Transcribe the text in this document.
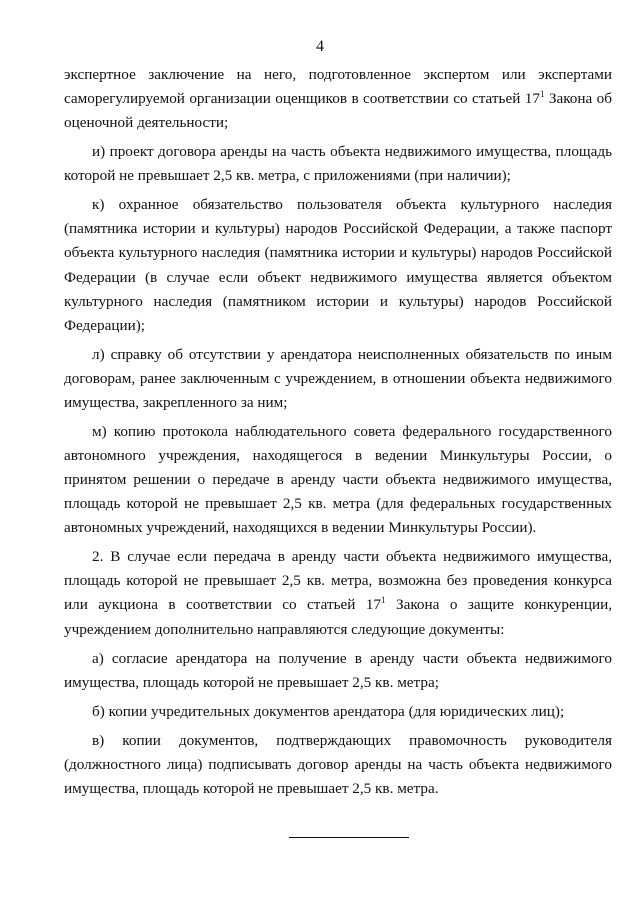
4

экспертное заключение на него, подготовленное экспертом или экспертами саморегулируемой организации оценщиков в соответствии со статьей $17^1$ Закона об оценочной деятельности;

и) проект договора аренды на часть объекта недвижимого имущества, площадь которой не превышает 2,5 кв. метра, с приложениями (при наличии);

к) охранное обязательство пользователя объекта культурного наследия (памятника истории и культуры) народов Российской Федерации, а также паспорт объекта культурного наследия (памятника истории и культуры) народов Российской Федерации (в случае если объект недвижимого имущества является объектом культурного наследия (памятником истории и культуры) народов Российской Федерации);

л) справку об отсутствии у арендатора неисполненных обязательств по иным договорам, ранее заключенным с учреждением, в отношении объекта недвижимого имущества, закрепленного за ним;

м) копию протокола наблюдательного совета федерального государственного автономного учреждения, находящегося в ведении Минкультуры России, о принятом решении о передаче в аренду части объекта недвижимого имущества, площадь которой не превышает 2,5 кв. метра (для федеральных государственных автономных учреждений, находящихся в ведении Минкультуры России).

2. В случае если передача в аренду части объекта недвижимого имущества, площадь которой не превышает 2,5 кв. метра, возможна без проведения конкурса или аукциона в соответствии со статьей $17^1$ Закона о защите конкуренции, учреждением дополнительно направляются следующие документы:

а) согласие арендатора на получение в аренду части объекта недвижимого имущества, площадь которой не превышает 2,5 кв. метра;

б) копии учредительных документов арендатора (для юридических лиц);

в) копии документов, подтверждающих правомочность руководителя (должностного лица) подписывать договор аренды на часть объекта недвижимого имущества, площадь которой не превышает 2,5 кв. метра.
